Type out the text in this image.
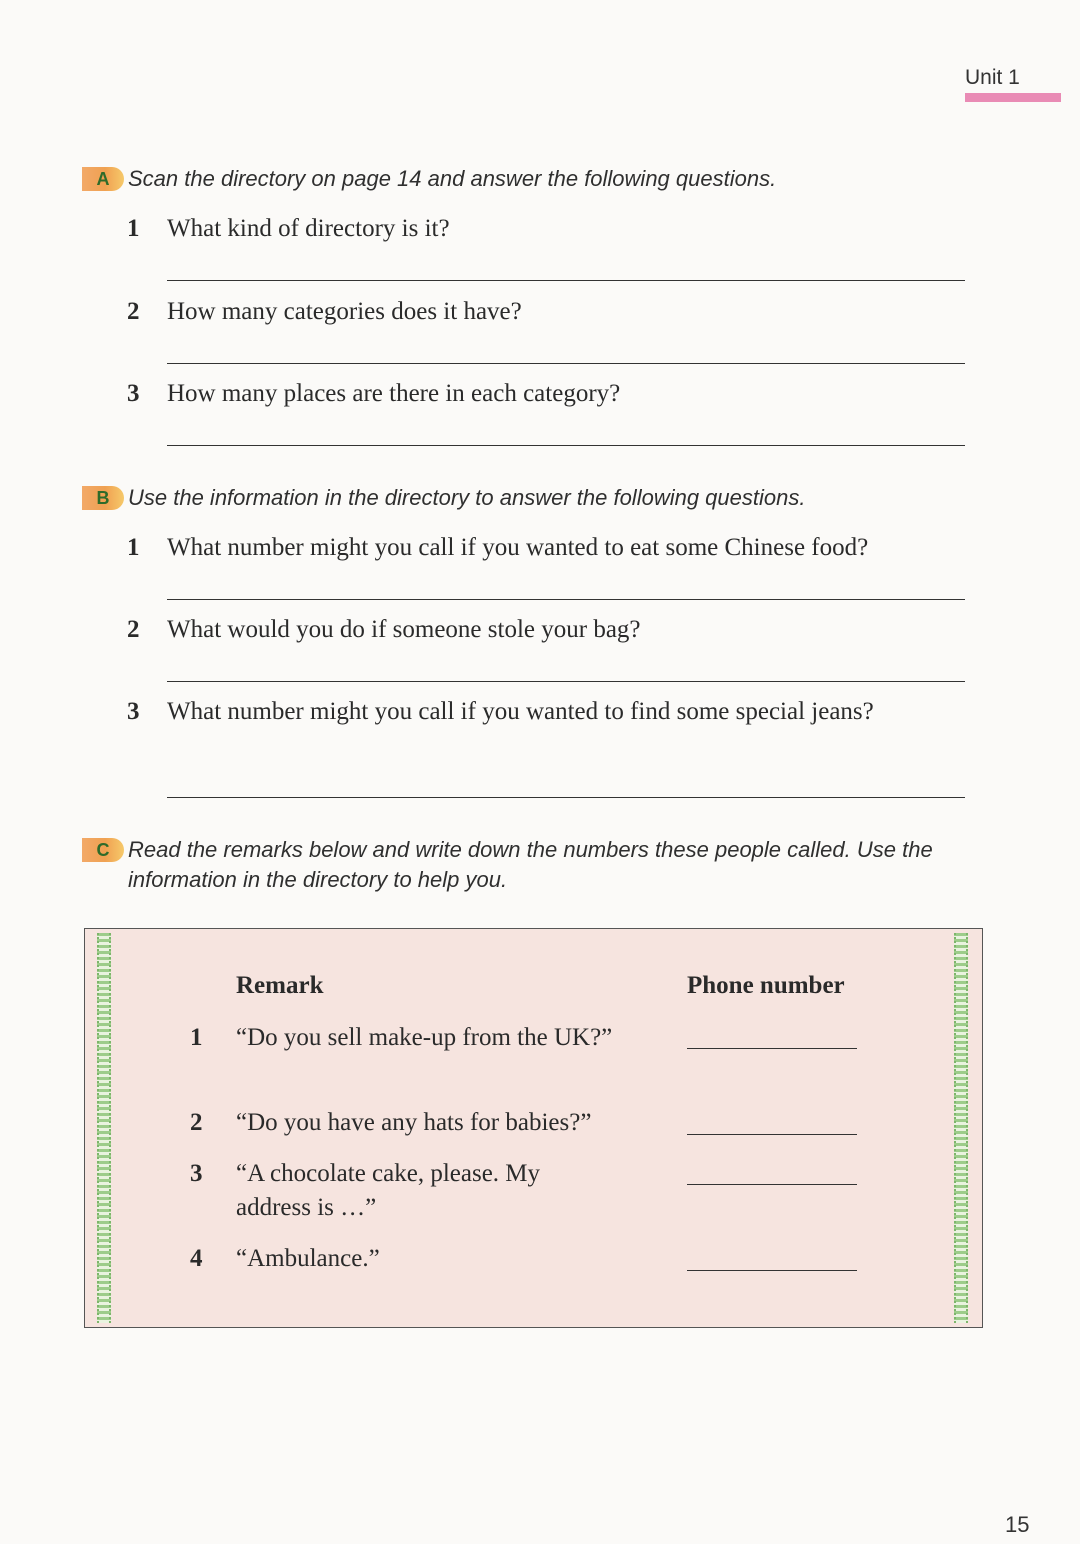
Unit 1
A Scan the directory on page 14 and answer the following questions.
1	What kind of directory is it?
2	How many categories does it have?
3	How many places are there in each category?
B Use the information in the directory to answer the following questions.
1	What number might you call if you wanted to eat some Chinese food?
2	What would you do if someone stole your bag?
3	What number might you call if you wanted to find some special jeans?
C Read the remarks below and write down the numbers these people called. Use the information in the directory to help you.
Remark	Phone number
1 “Do you sell make-up from the UK?”
2 “Do you have any hats for babies?”
3 “A chocolate cake, please. My address is …”
4 “Ambulance.”
15
